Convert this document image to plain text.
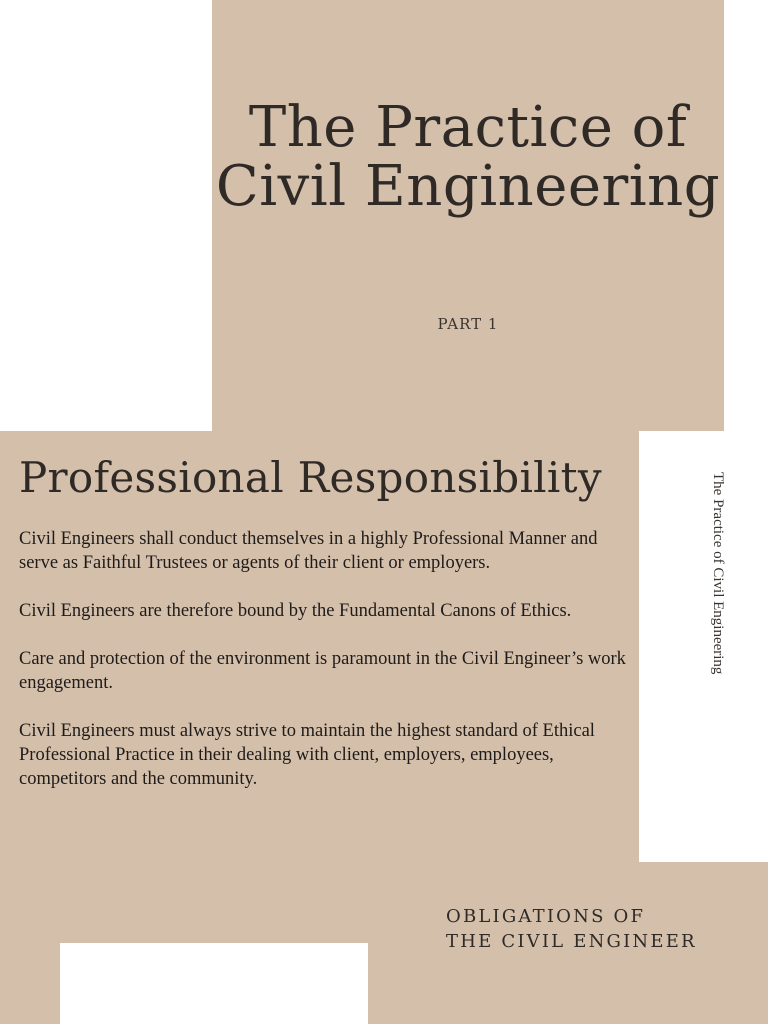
The Practice of Civil Engineering
PART 1
Professional Responsibility

Civil Engineers shall conduct themselves in a highly Professional Manner and serve as Faithful Trustees or agents of their client or employers.

Civil Engineers are therefore bound by the Fundamental Canons of Ethics.

Care and protection of the environment is paramount in the Civil Engineer’s work engagement.

Civil Engineers must always strive to maintain the highest standard of Ethical Professional Practice in their dealing with client, employers, employees, competitors and the community.

The Practice of Civil Engineering
OBLIGATIONS OF
THE CIVIL ENGINEER
